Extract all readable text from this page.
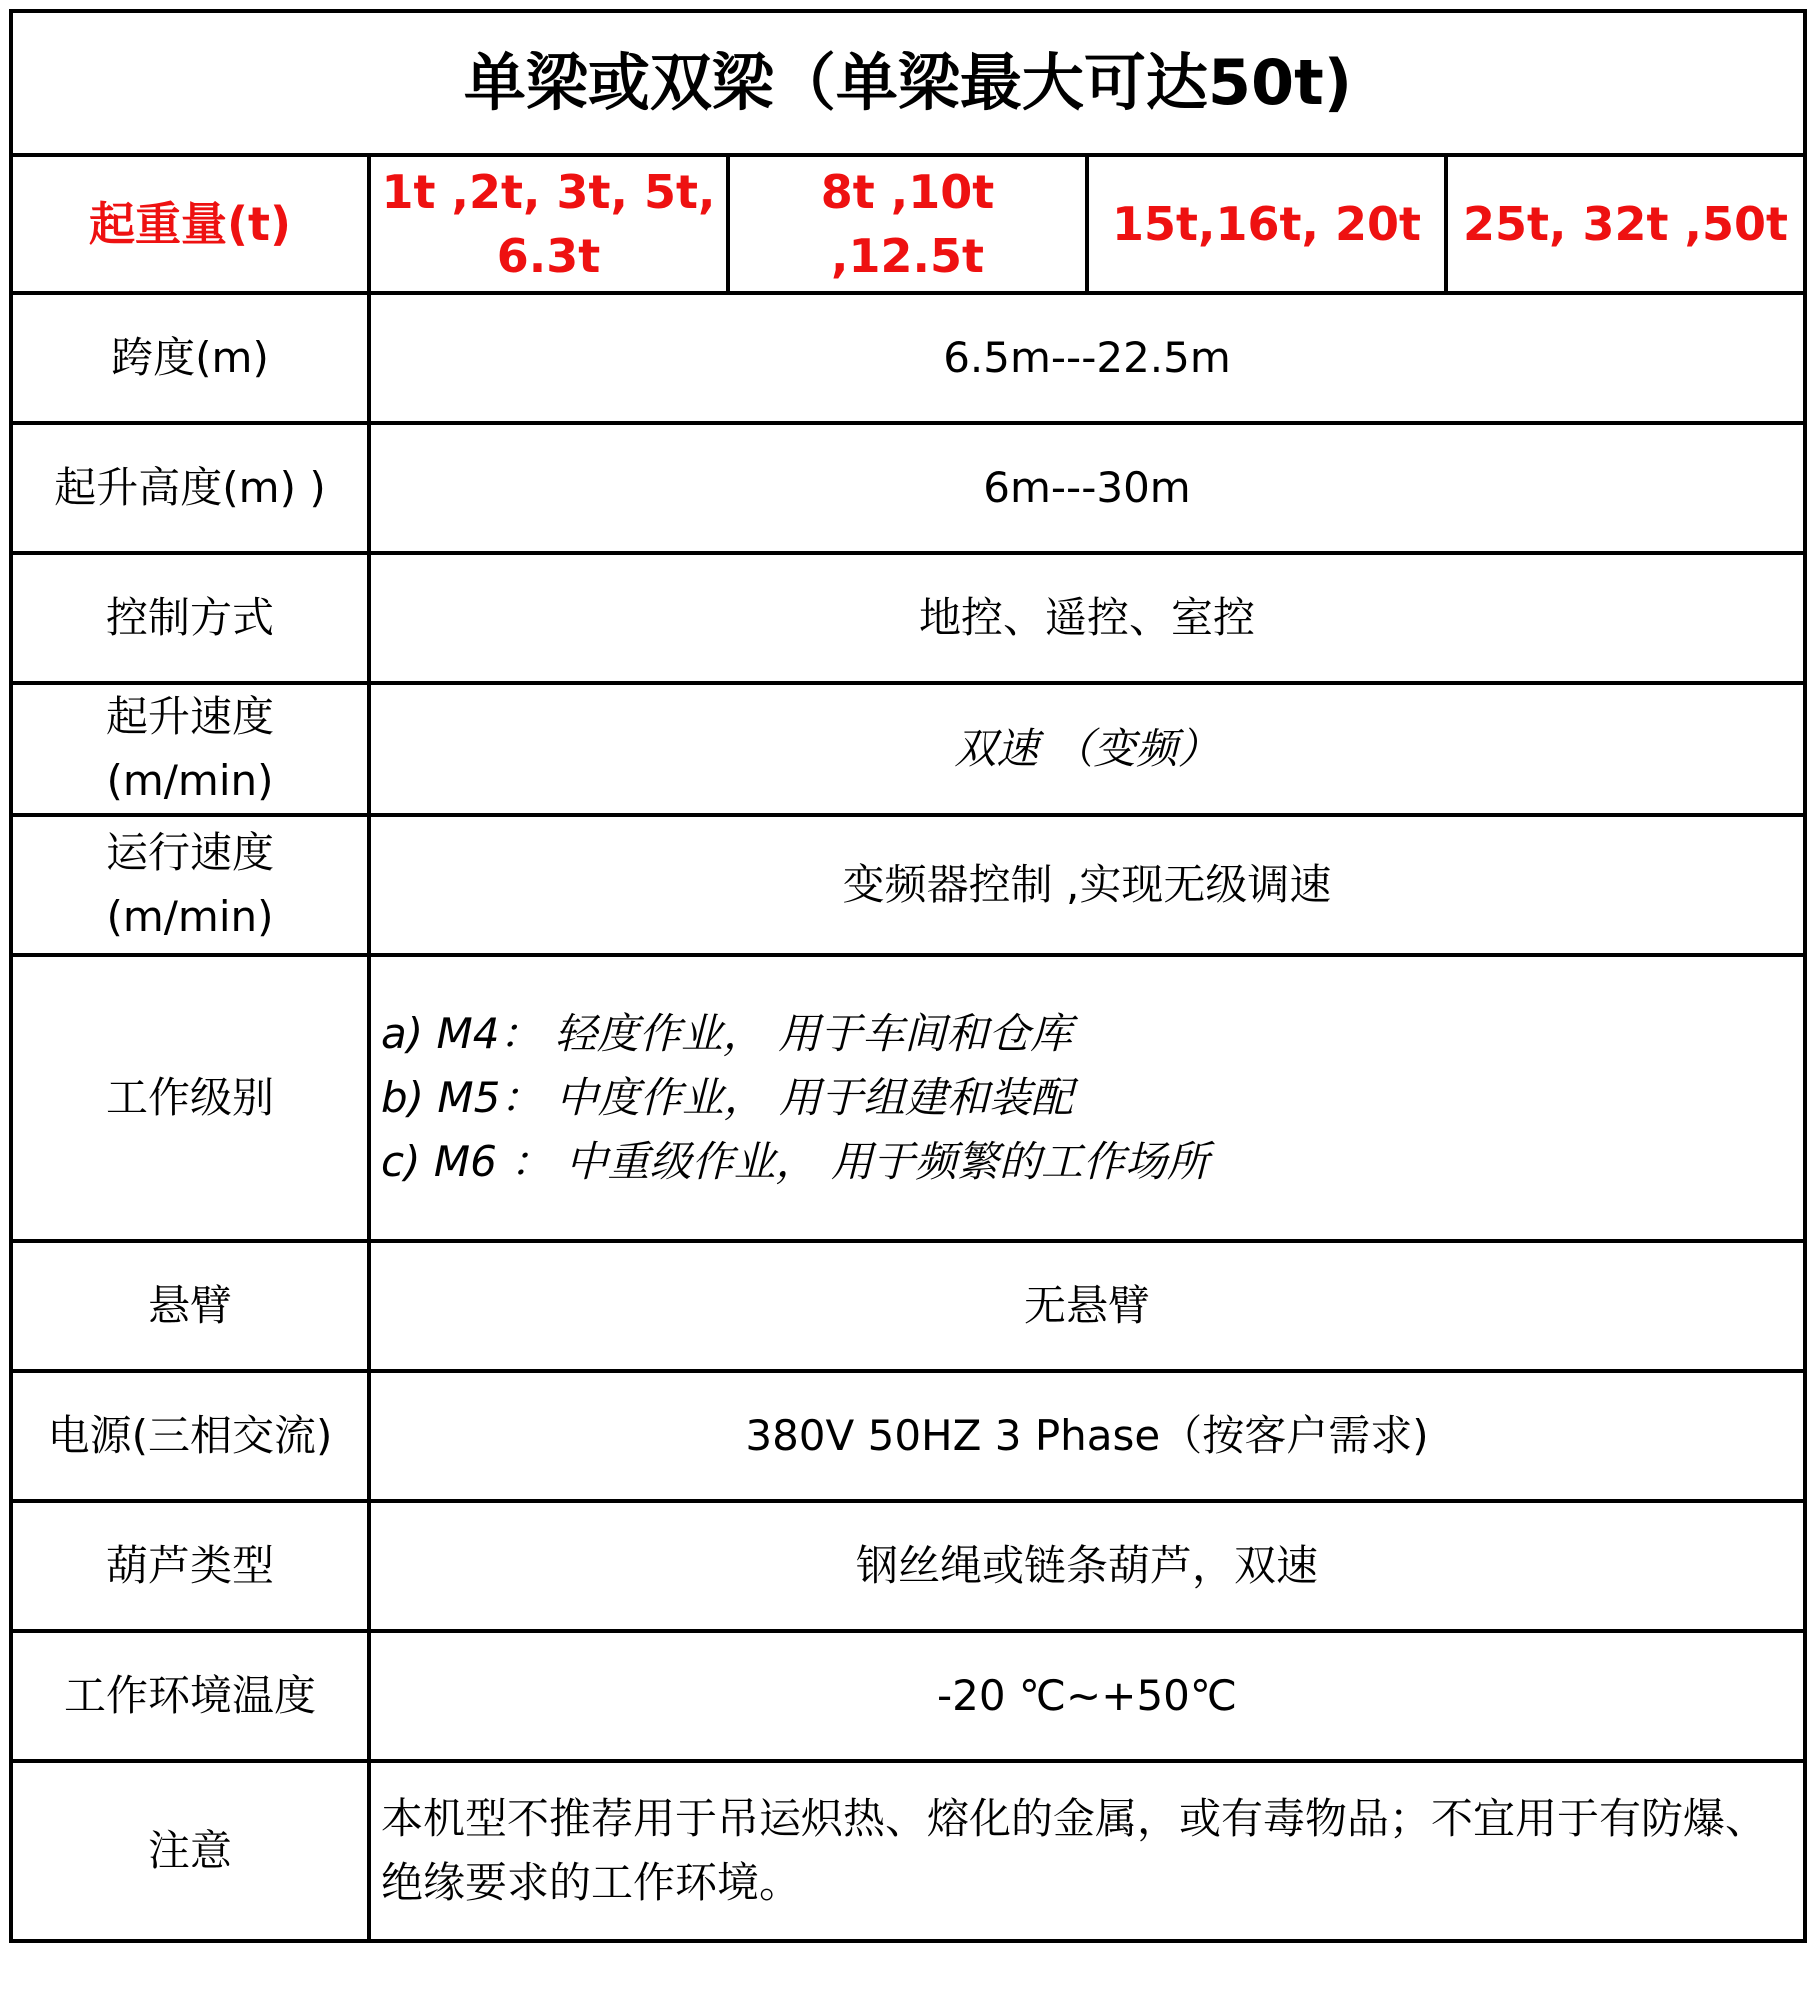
单梁或双梁（单梁最大可达50t)				
起重量(t)	1t ,2t, 3t, 5t, 6.3t	8t ,10t ,12.5t	15t,16t, 20t	25t, 32t ,50t
跨度(m)	6.5m---22.5m			
起升高度(m) )	6m---30m			
控制方式	地控、遥控、室控			
起升速度(m/min)	双速 （变频）			
运行速度(m/min)	变频器控制 ,实现无级调速			
工作级别	a) M4： 轻度作业， 用于车间和仓库
b) M5： 中度作业， 用于组建和装配
c) M6 ： 中重级作业， 用于频繁的工作场所			

悬臂	无悬臂			
电源(三相交流)	380V 50HZ 3 Phase（按客户需求)			
葫芦类型	钢丝绳或链条葫芦，双速			
工作环境温度	-20 ℃~+50℃			
注意	本机型不推荐用于吊运炽热、熔化的金属，或有毒物品；不宜用于有防爆、绝缘要求的工作环境。			
